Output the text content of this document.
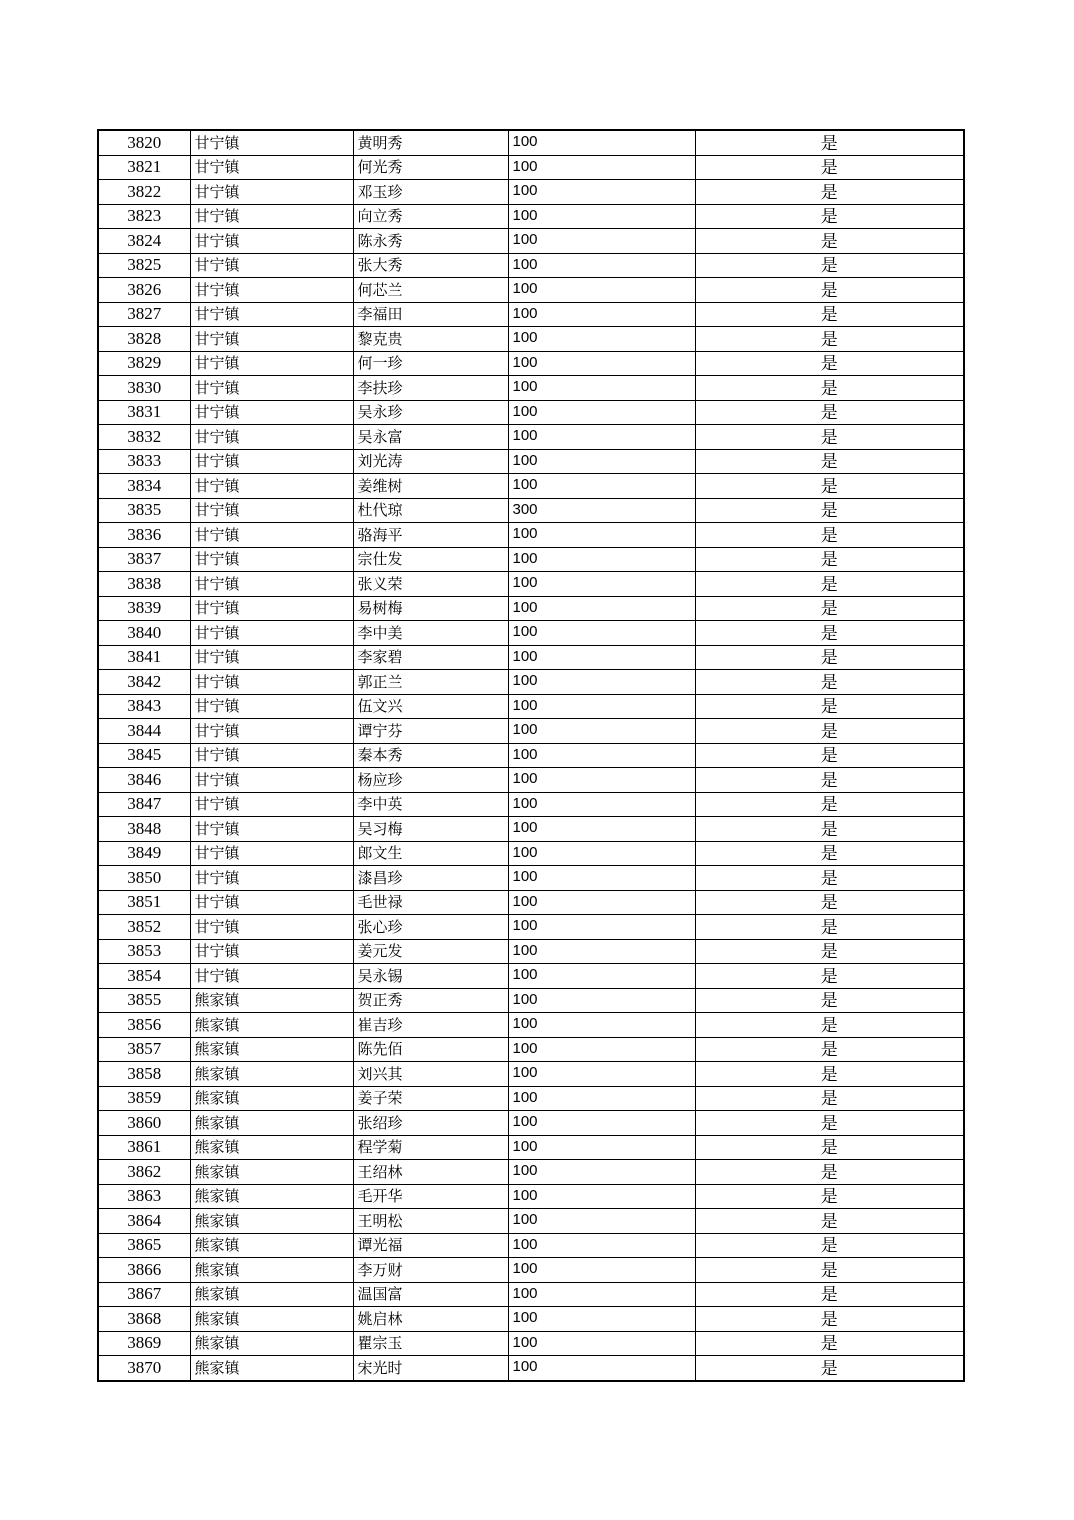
3820	甘宁镇	黄明秀	100	是
3821	甘宁镇	何光秀	100	是
3822	甘宁镇	邓玉珍	100	是
3823	甘宁镇	向立秀	100	是
3824	甘宁镇	陈永秀	100	是
3825	甘宁镇	张大秀	100	是
3826	甘宁镇	何芯兰	100	是
3827	甘宁镇	李福田	100	是
3828	甘宁镇	黎克贵	100	是
3829	甘宁镇	何一珍	100	是
3830	甘宁镇	李扶珍	100	是
3831	甘宁镇	吴永珍	100	是
3832	甘宁镇	吴永富	100	是
3833	甘宁镇	刘光涛	100	是
3834	甘宁镇	姜维树	100	是
3835	甘宁镇	杜代琼	300	是
3836	甘宁镇	骆海平	100	是
3837	甘宁镇	宗仕发	100	是
3838	甘宁镇	张义荣	100	是
3839	甘宁镇	易树梅	100	是
3840	甘宁镇	李中美	100	是
3841	甘宁镇	李家碧	100	是
3842	甘宁镇	郭正兰	100	是
3843	甘宁镇	伍文兴	100	是
3844	甘宁镇	谭宁芬	100	是
3845	甘宁镇	秦本秀	100	是
3846	甘宁镇	杨应珍	100	是
3847	甘宁镇	李中英	100	是
3848	甘宁镇	吴习梅	100	是
3849	甘宁镇	郎文生	100	是
3850	甘宁镇	漆昌珍	100	是
3851	甘宁镇	毛世禄	100	是
3852	甘宁镇	张心珍	100	是
3853	甘宁镇	姜元发	100	是
3854	甘宁镇	吴永锡	100	是
3855	熊家镇	贺正秀	100	是
3856	熊家镇	崔吉珍	100	是
3857	熊家镇	陈先佰	100	是
3858	熊家镇	刘兴其	100	是
3859	熊家镇	姜子荣	100	是
3860	熊家镇	张绍珍	100	是
3861	熊家镇	程学菊	100	是
3862	熊家镇	王绍林	100	是
3863	熊家镇	毛开华	100	是
3864	熊家镇	王明松	100	是
3865	熊家镇	谭光福	100	是
3866	熊家镇	李万财	100	是
3867	熊家镇	温国富	100	是
3868	熊家镇	姚启林	100	是
3869	熊家镇	瞿宗玉	100	是
3870	熊家镇	宋光时	100	是
